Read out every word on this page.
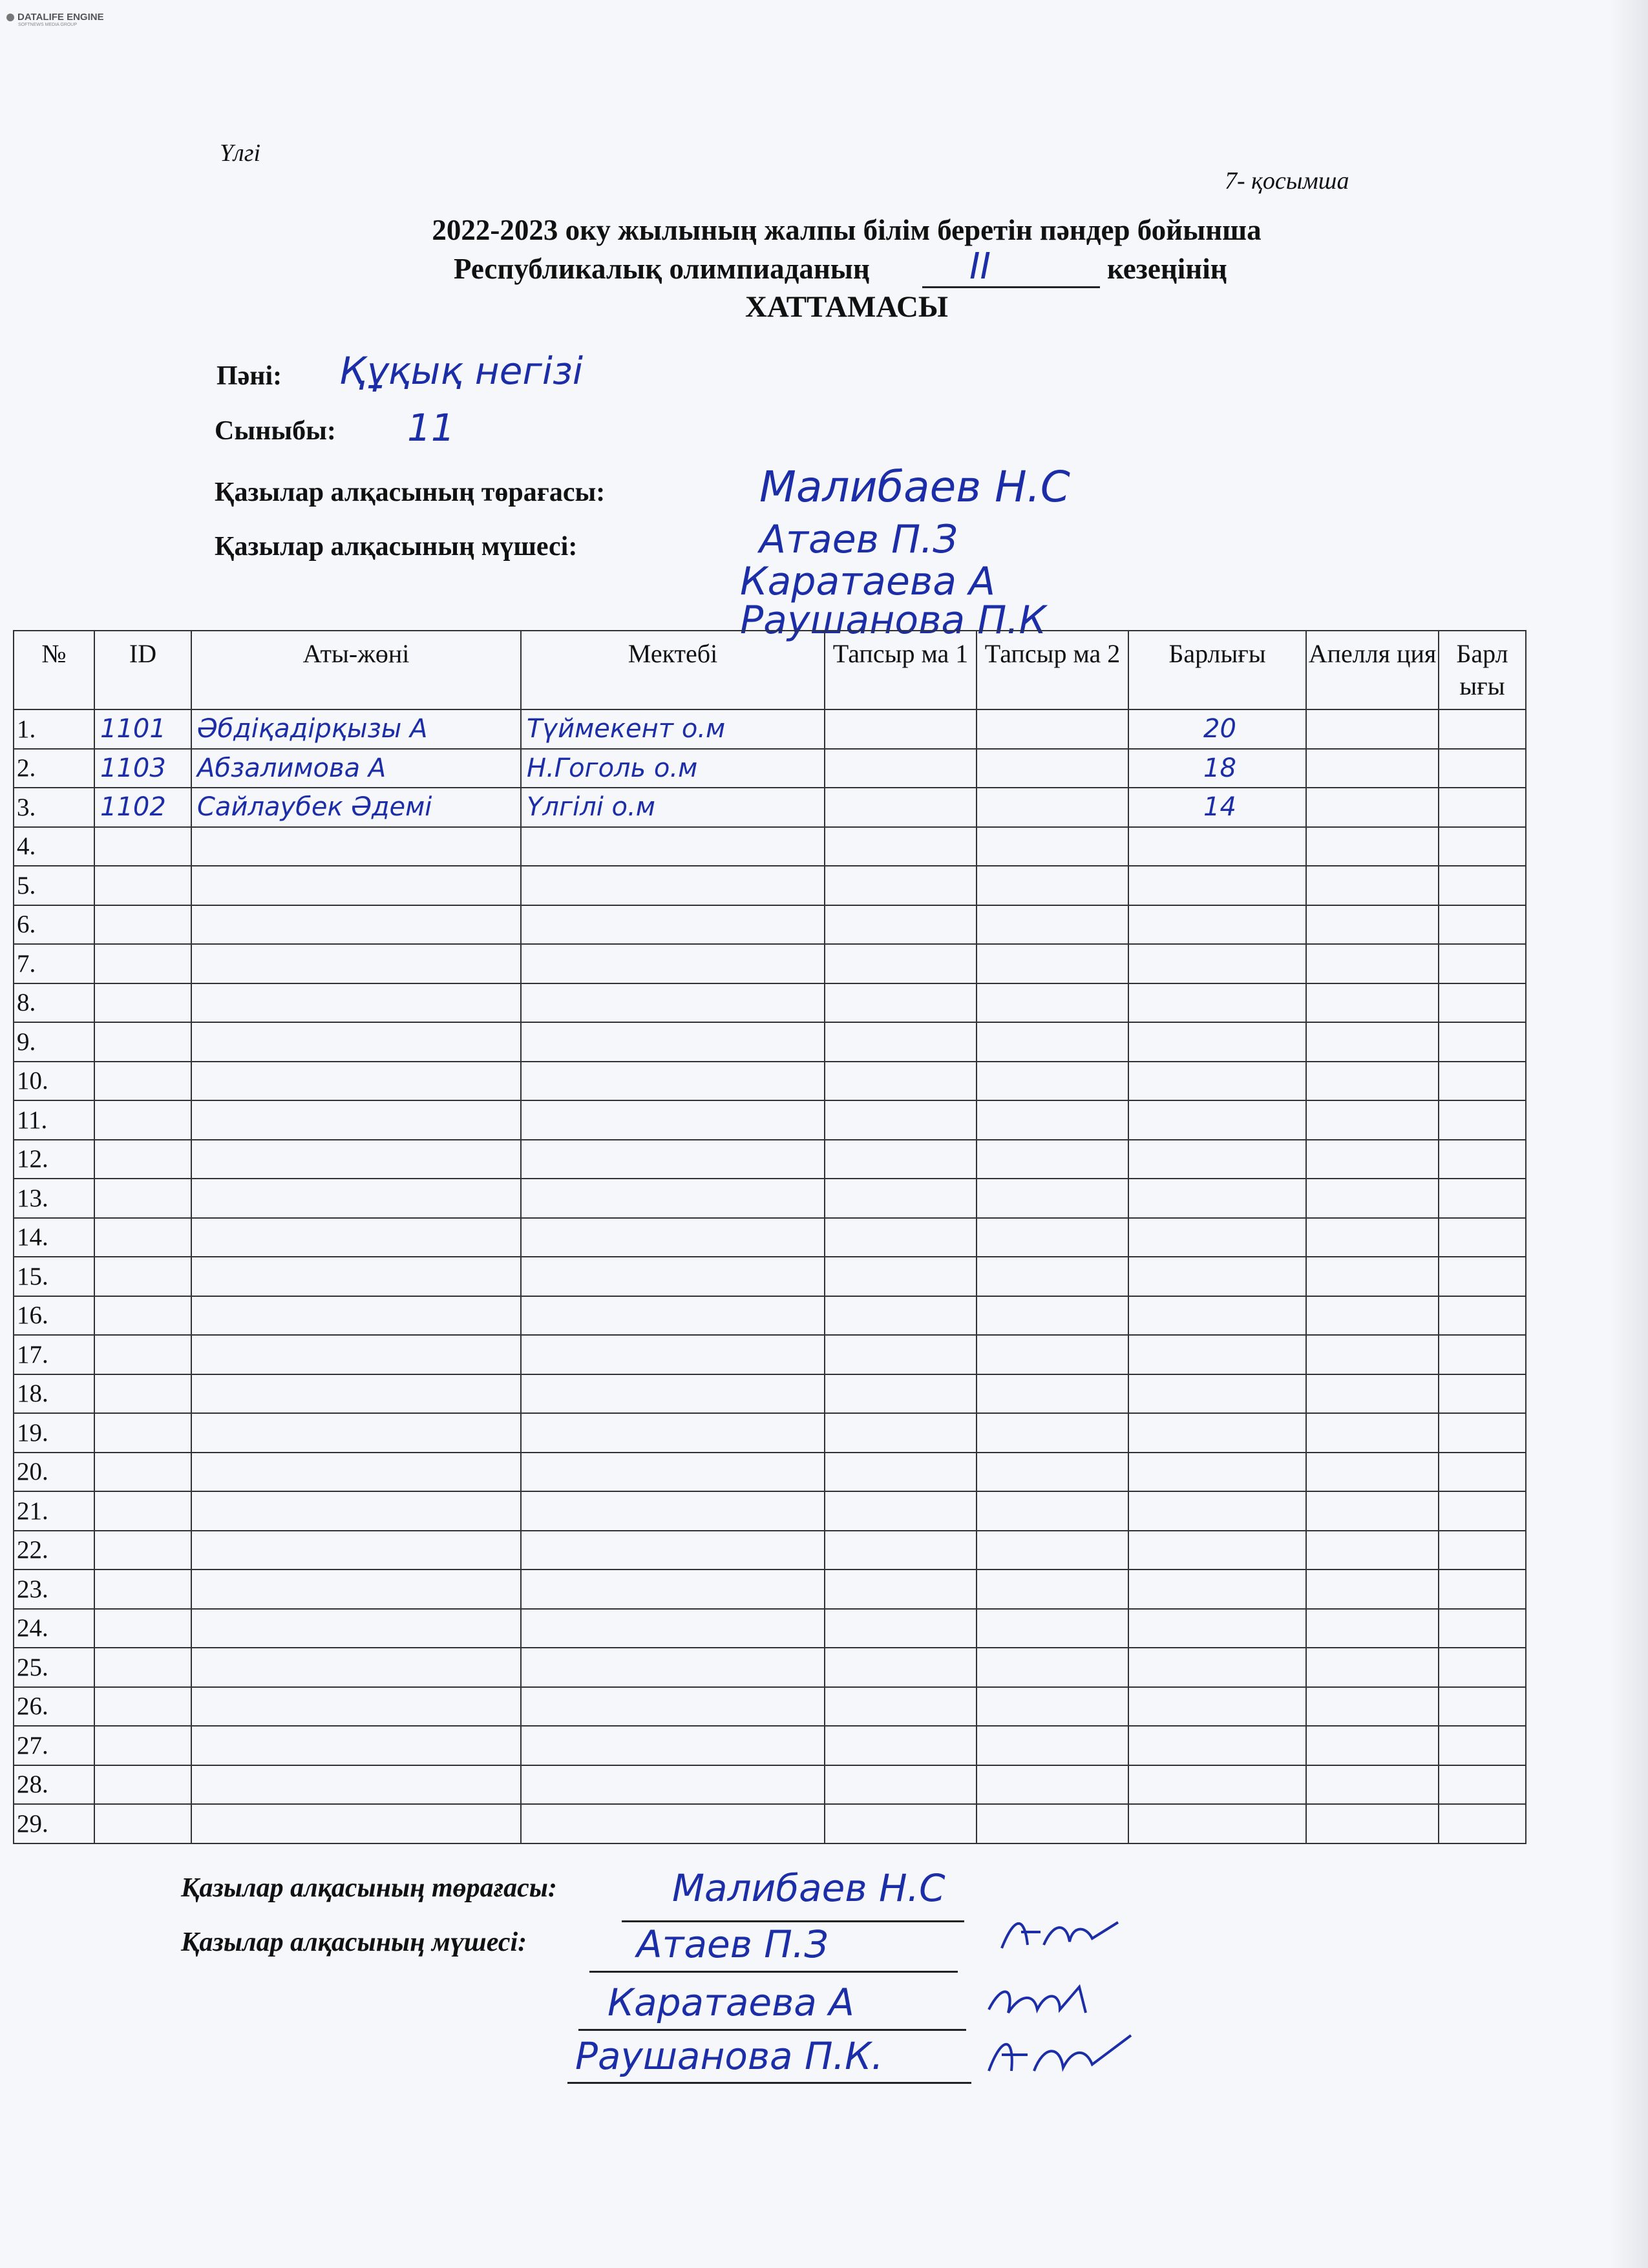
DATALIFE ENGINE
SOFTNEWS MEDIA GROUP
Үлгі
7- қосымша
2022-2023 оку жылының жалпы білім беретін пәндер бойынша
Республикалық олимпиаданың	ІІ	кезеңінің
ХАТТАМАСЫ
Пәні: Құқық негізі
Сыныбы: 11
Қазылар алқасының төрағасы:	Малибаев Н.С
Қазылар алқасының мүшесі:	Атаев П.З
Каратаева А
Раушанова П.К
№	ID	Аты-жөні	Мектебі	Тапсыр ма 1	Тапсыр ма 2	Барлығы	Апелля ция	Барл ығы
1.	1101	Әбдіқадірқызы А	Түймекент о.м			20		
2.	1103	Абзалимова А	Н.Гоголь о.м			18		
3.	1102	Сайлаубек Әдемі	Үлгілі о.м			14		
4.								
5.								
6.								
7.								
8.								
9.								
10.								
11.								
12.								
13.								
14.								
15.								
16.								
17.								
18.								
19.								
20.								
21.								
22.								
23.								
24.								
25.								
26.								
27.								
28.								
29.								
Қазылар алқасының төрағасы:	Малибаев Н.С
Қазылар алқасының мүшесі:	Атаев П.З
Каратаева А
Раушанова П.К.
